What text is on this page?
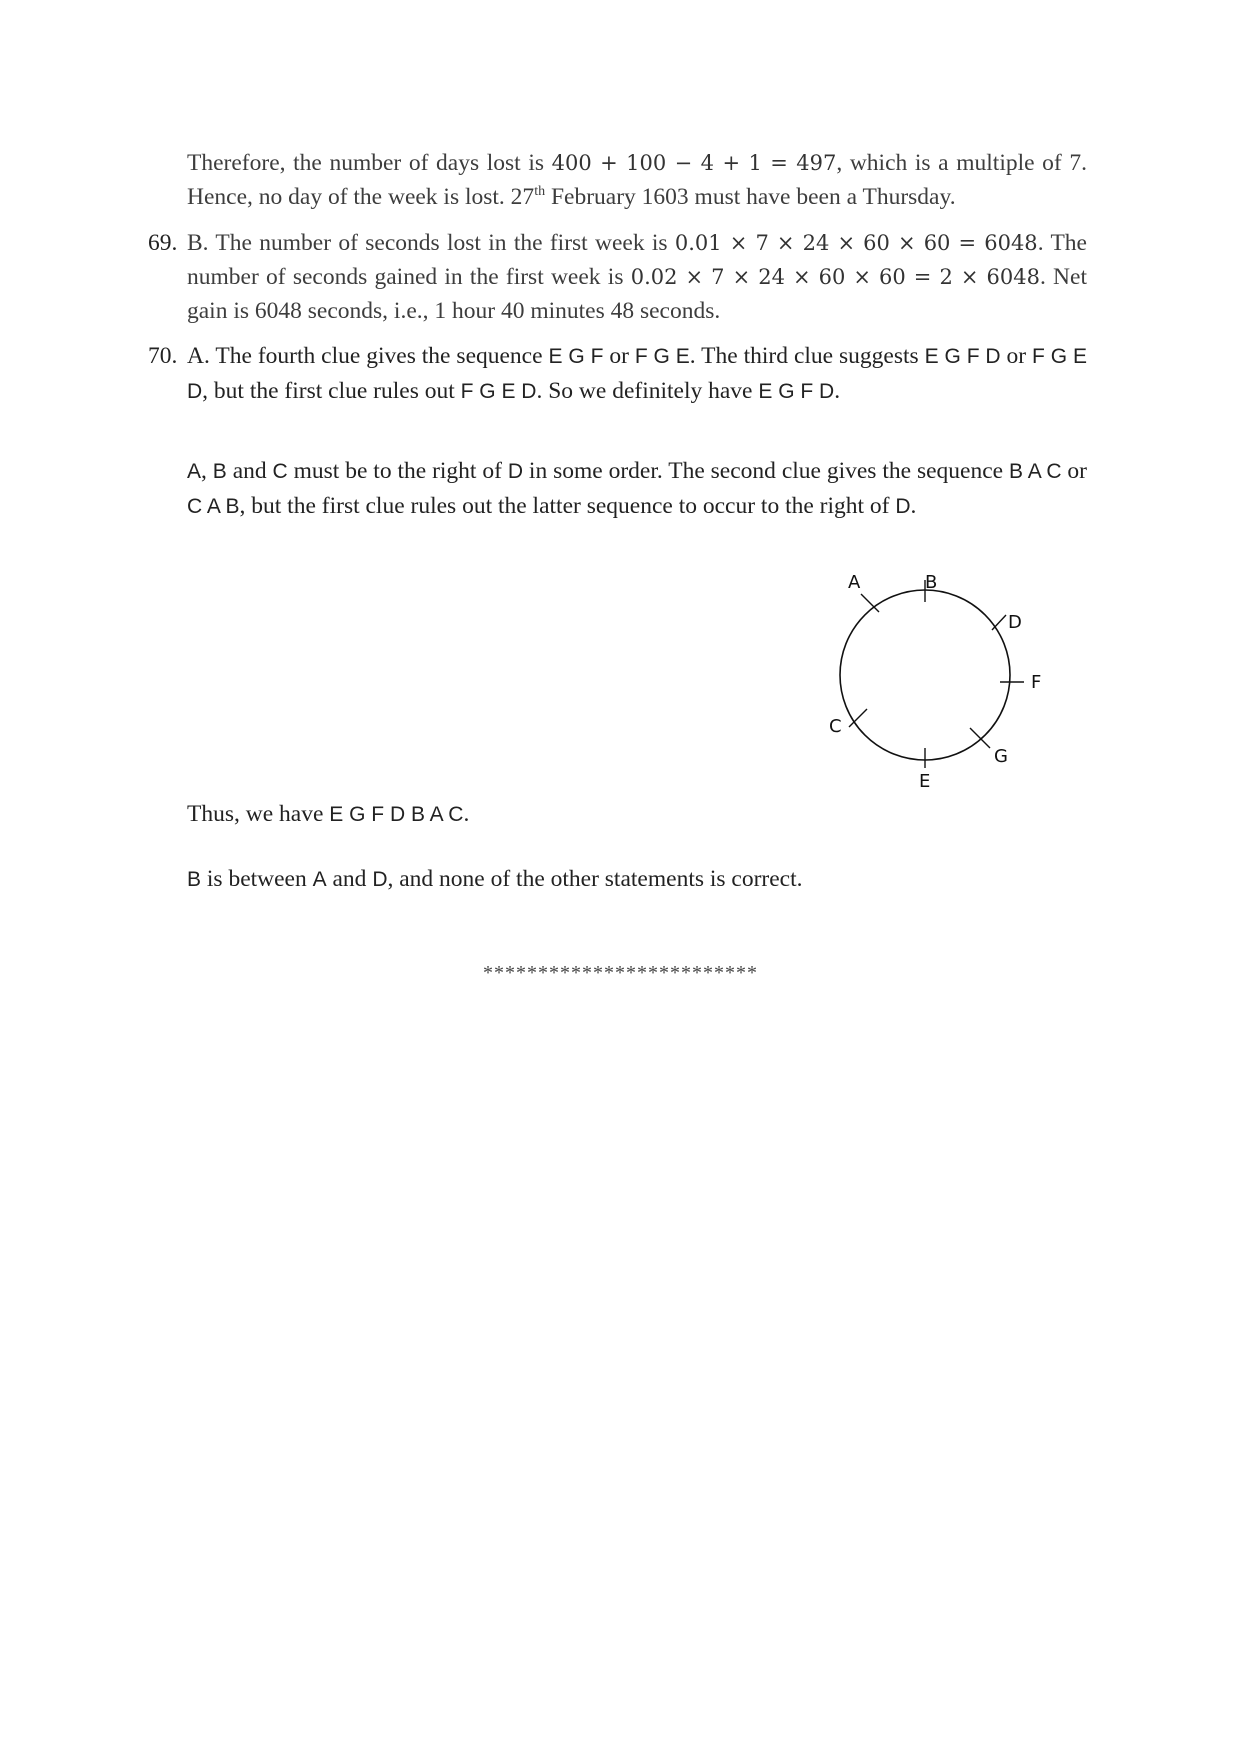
Therefore, the number of days lost is 400 + 100 − 4 + 1 = 497, which is a multiple of 7. Hence, no day of the week is lost. 27th February 1603 must have been a Thursday.

69. B. The number of seconds lost in the first week is 0.01 × 7 × 24 × 60 × 60 = 6048. The number of seconds gained in the first week is 0.02 × 7 × 24 × 60 × 60 = 2 × 6048. Net gain is 6048 seconds, i.e., 1 hour 40 minutes 48 seconds.
70. A. The fourth clue gives the sequence E G F or F G E. The third clue suggests E G F D or F G E D, but the first clue rules out F G E D. So we definitely have E G F D.

A, B and C must be to the right of D in some order. The second clue gives the sequence B A C or C A B, but the first clue rules out the latter sequence to occur to the right of D.

A	B
D
F
G
E
C

Thus, we have E G F D B A C.

B is between A and D, and none of the other statements is correct.

*************************
